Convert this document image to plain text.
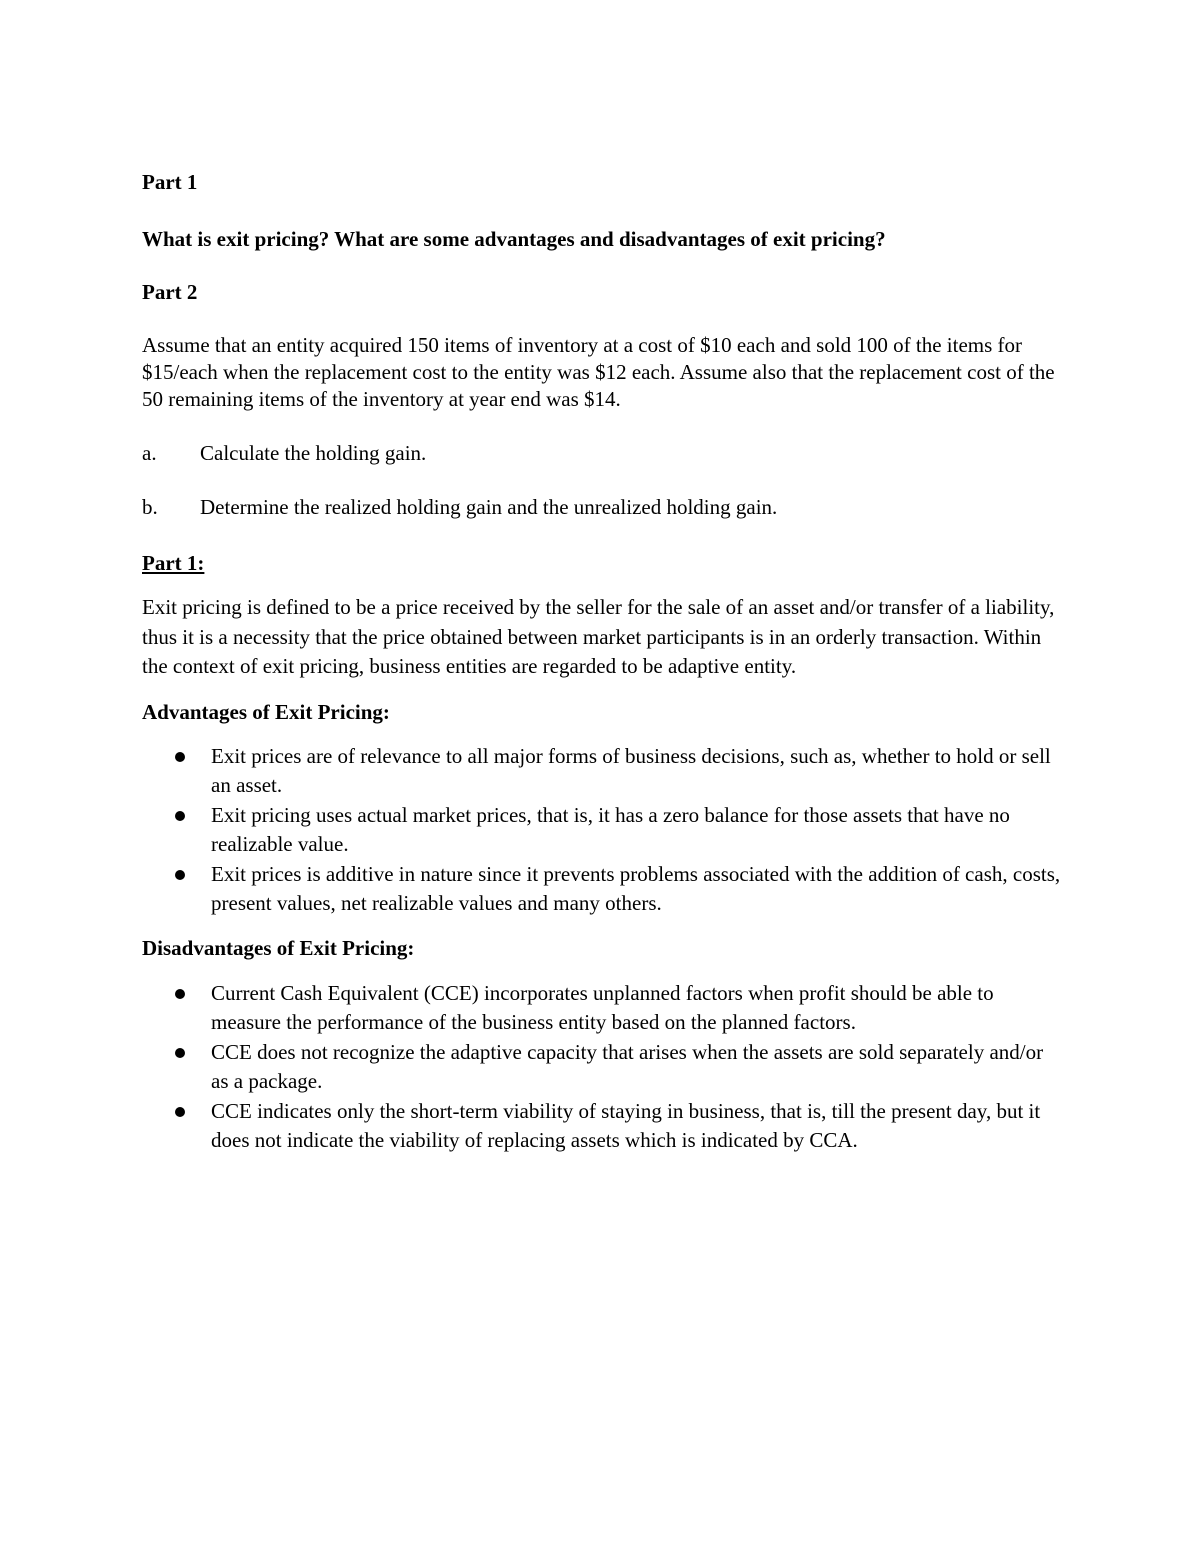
Part 1

What is exit pricing? What are some advantages and disadvantages of exit pricing?

Part 2

Assume that an entity acquired 150 items of inventory at a cost of $10 each and sold 100 of the items for $15/each when the replacement cost to the entity was $12 each. Assume also that the replacement cost of the 50 remaining items of the inventory at year end was $14.

a.	Calculate the holding gain.
b.	Determine the realized holding gain and the unrealized holding gain.

Part 1:

Exit pricing is defined to be a price received by the seller for the sale of an asset and/or transfer of a liability, thus it is a necessity that the price obtained between market participants is in an orderly transaction. Within the context of exit pricing, business entities are regarded to be adaptive entity.

Advantages of Exit Pricing:

Exit prices are of relevance to all major forms of business decisions, such as, whether to hold or sell an asset.
Exit pricing uses actual market prices, that is, it has a zero balance for those assets that have no realizable value.
Exit prices is additive in nature since it prevents problems associated with the addition of cash, costs, present values, net realizable values and many others.

Disadvantages of Exit Pricing:

Current Cash Equivalent (CCE) incorporates unplanned factors when profit should be able to measure the performance of the business entity based on the planned factors.
CCE does not recognize the adaptive capacity that arises when the assets are sold separately and/or as a package.
CCE indicates only the short-term viability of staying in business, that is, till the present day, but it does not indicate the viability of replacing assets which is indicated by CCA.
